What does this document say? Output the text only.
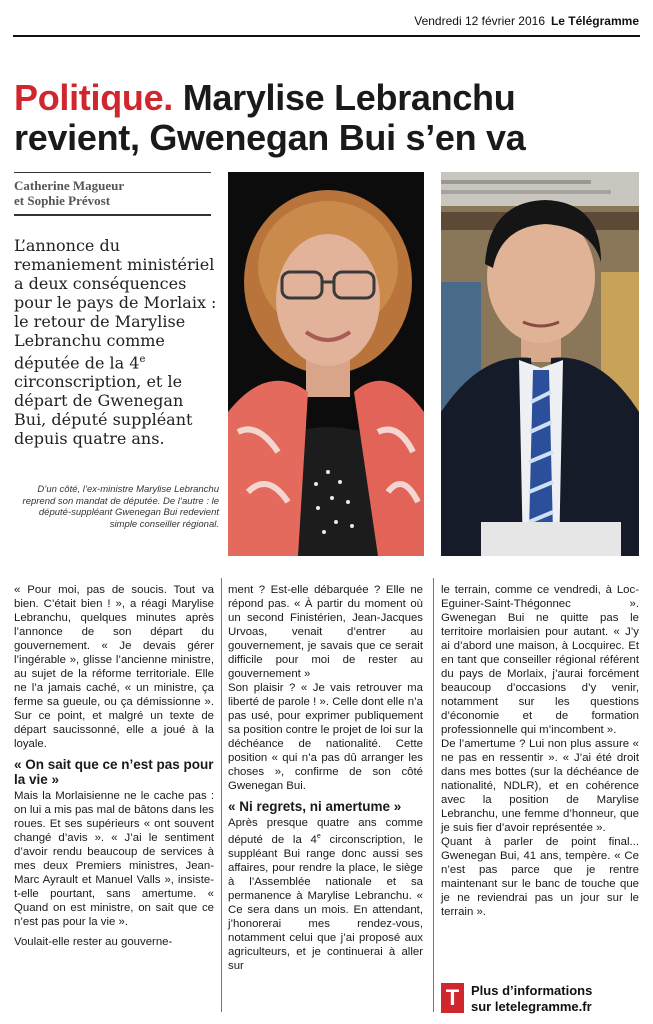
Vendredi 12 février 2016 Le Télégramme
Politique. Marylise Lebranchu
revient, Gwenegan Bui s’en va
Catherine Magueur
et Sophie Prévost
L’annonce du remaniement ministériel a deux conséquences pour le pays de Morlaix : le retour de Marylise Lebranchu comme députée de la 4e circonscription, et le départ de Gwenegan Bui, député suppléant depuis quatre ans.
D’un côté, l’ex-ministre Marylise Lebranchu reprend son mandat de députée. De l’autre : le député-suppléant Gwenegan Bui redevient simple conseiller régional.

« Pour moi, pas de soucis. Tout va bien. C’était bien ! », a réagi Marylise Lebranchu, quelques minutes après l’annonce de son départ du gouvernement. « Je devais gérer l’ingérable », glisse l’ancienne ministre, au sujet de la réforme territoriale. Elle ne l’a jamais caché, « un ministre, ça ferme sa gueule, ou ça démissionne ». Sur ce point, et malgré un texte de départ saucissonné, elle a joué à la loyale.

« On sait que ce n’est pas pour la vie »

Mais la Morlaisienne ne le cache pas : on lui a mis pas mal de bâtons dans les roues. Et ses supérieurs « ont souvent changé d’avis ». « J’ai le sentiment d’avoir rendu beaucoup de services à mes deux Premiers ministres, Jean-Marc Ayrault et Manuel Valls », insiste-t-elle pourtant, sans amertume. « Quand on est ministre, on sait que ce n’est pas pour la vie ».

Voulait-elle rester au gouverne-

ment ? Est-elle débarquée ? Elle ne répond pas. « À partir du moment où un second Finistérien, Jean-Jacques Urvoas, venait d’entrer au gouvernement, je savais que ce serait difficile pour moi de rester au gouvernement »

Son plaisir ? « Je vais retrouver ma liberté de parole ! ». Celle dont elle n’a pas usé, pour exprimer publiquement sa position contre le projet de loi sur la déchéance de nationalité. Cette position « qui n’a pas dû arranger les choses », confirme de son côté Gwenegan Bui.

« Ni regrets, ni amertume »

Après presque quatre ans comme député de la 4e circonscription, le suppléant Bui range donc aussi ses affaires, pour rendre la place, le siège à l’Assemblée nationale et sa permanence à Marylise Lebranchu. « Ce sera dans un mois. En attendant, j’honorerai mes rendez-vous, notamment celui que j’ai proposé aux agriculteurs, et je continuerai à aller sur

le terrain, comme ce vendredi, à Loc-Eguiner-Saint-Thégonnec ». Gwenegan Bui ne quitte pas le territoire morlaisien pour autant. « J’y ai d’abord une maison, à Locquirec. Et en tant que conseiller régional référent du pays de Morlaix, j’aurai forcément beaucoup d’occasions d’y venir, notamment sur les questions d’économie et de formation professionnelle qui m’incombent ».

De l’amertume ? Lui non plus assure « ne pas en ressentir ». « J’ai été droit dans mes bottes (sur la déchéance de nationalité, NDLR), et en cohérence avec la position de Marylise Lebranchu, une femme d’honneur, que je suis fier d’avoir représentée ».

Quant à parler de point final... Gwenegan Bui, 41 ans, tempère. « Ce n’est pas parce que je rentre maintenant sur le banc de touche que je ne reviendrai pas un jour sur le terrain ».

T Plus d’informations
sur letelegramme.fr
